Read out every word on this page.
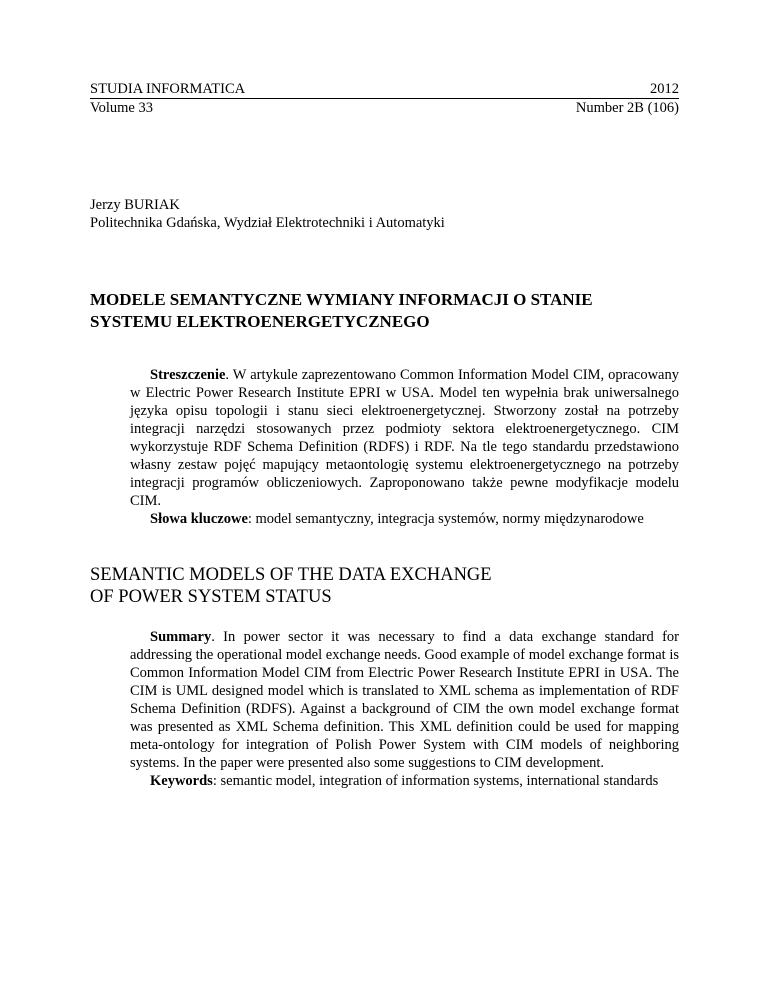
STUDIA INFORMATICA	2012
Volume 33	Number 2B (106)
Jerzy BURIAK
Politechnika Gdańska, Wydział Elektrotechniki i Automatyki
MODELE SEMANTYCZNE WYMIANY INFORMACJI O STANIE
SYSTEMU ELEKTROENERGETYCZNEGO

Streszczenie. W artykule zaprezentowano Common Information Model CIM, opracowany w Electric Power Research Institute EPRI w USA. Model ten wypełnia brak uniwersalnego języka opisu topologii i stanu sieci elektroenergetycznej. Stworzony został na potrzeby integracji narzędzi stosowanych przez podmioty sektora elektroenergetycznego. CIM wykorzystuje RDF Schema Definition (RDFS) i RDF. Na tle tego standardu przedstawiono własny zestaw pojęć mapujący metaontologię systemu elektroenergetycznego na potrzeby integracji programów obliczeniowych. Zaproponowano także pewne modyfikacje modelu CIM.

Słowa kluczowe: model semantyczny, integracja systemów, normy międzynarodowe

SEMANTIC MODELS OF THE DATA EXCHANGE
OF POWER SYSTEM STATUS

Summary. In power sector it was necessary to find a data exchange standard for addressing the operational model exchange needs. Good example of model exchange format is Common Information Model CIM from Electric Power Research Institute EPRI in USA. The CIM is UML designed model which is translated to XML schema as implementation of RDF Schema Definition (RDFS). Against a background of CIM the own model exchange format was presented as XML Schema definition. This XML definition could be used for mapping meta-ontology for integration of Polish Power System with CIM models of neighboring systems. In the paper were presented also some suggestions to CIM development.

Keywords: semantic model, integration of information systems, international standards
